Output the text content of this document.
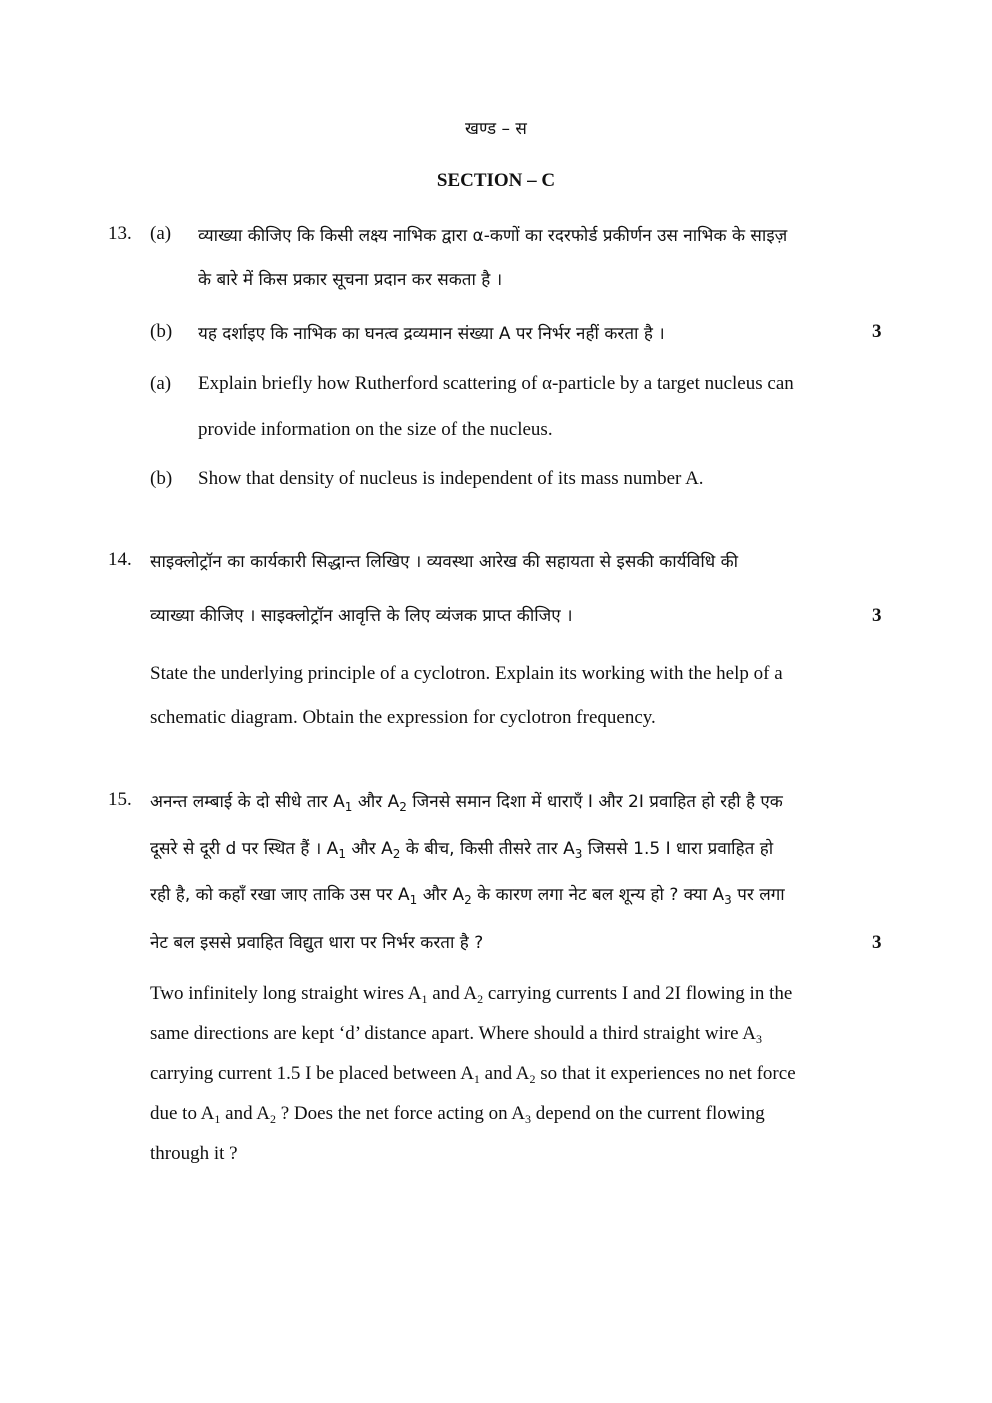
खण्ड – स
SECTION – C
13. (a) व्याख्या कीजिए कि किसी लक्ष्य नाभिक द्वारा α-कणों का रदरफोर्ड प्रकीर्णन उस नाभिक के साइज़
के बारे में किस प्रकार सूचना प्रदान कर सकता है ।
(b) यह दर्शाइए कि नाभिक का घनत्व द्रव्यमान संख्या A पर निर्भर नहीं करता है ।	3
(a) Explain briefly how Rutherford scattering of α-particle by a target nucleus can
provide information on the size of the nucleus.
(b) Show that density of nucleus is independent of its mass number A.
14. साइक्लोट्रॉन का कार्यकारी सिद्धान्त लिखिए । व्यवस्था आरेख की सहायता से इसकी कार्यविधि की
व्याख्या कीजिए । साइक्लोट्रॉन आवृत्ति के लिए व्यंजक प्राप्त कीजिए ।	3
State the underlying principle of a cyclotron. Explain its working with the help of a
schematic diagram. Obtain the expression for cyclotron frequency.
15. अनन्त लम्बाई के दो सीधे तार $A_1$ और $A_2$ जिनसे समान दिशा में धाराएँ I और 2I प्रवाहित हो रही है एक
दूसरे से दूरी d पर स्थित हैं । $A_1$ और $A_2$ के बीच, किसी तीसरे तार $A_3$ जिससे 1.5 I धारा प्रवाहित हो
रही है, को कहाँ रखा जाए ताकि उस पर $A_1$ और $A_2$ के कारण लगा नेट बल शून्य हो ? क्या $A_3$ पर लगा
नेट बल इससे प्रवाहित विद्युत धारा पर निर्भर करता है ?	3
Two infinitely long straight wires $A_1$ and $A_2$ carrying currents I and 2I flowing in the
same directions are kept ‘d’ distance apart. Where should a third straight wire $A_3$
carrying current 1.5 I be placed between $A_1$ and $A_2$ so that it experiences no net force
due to $A_1$ and $A_2$ ? Does the net force acting on $A_3$ depend on the current flowing
through it ?
